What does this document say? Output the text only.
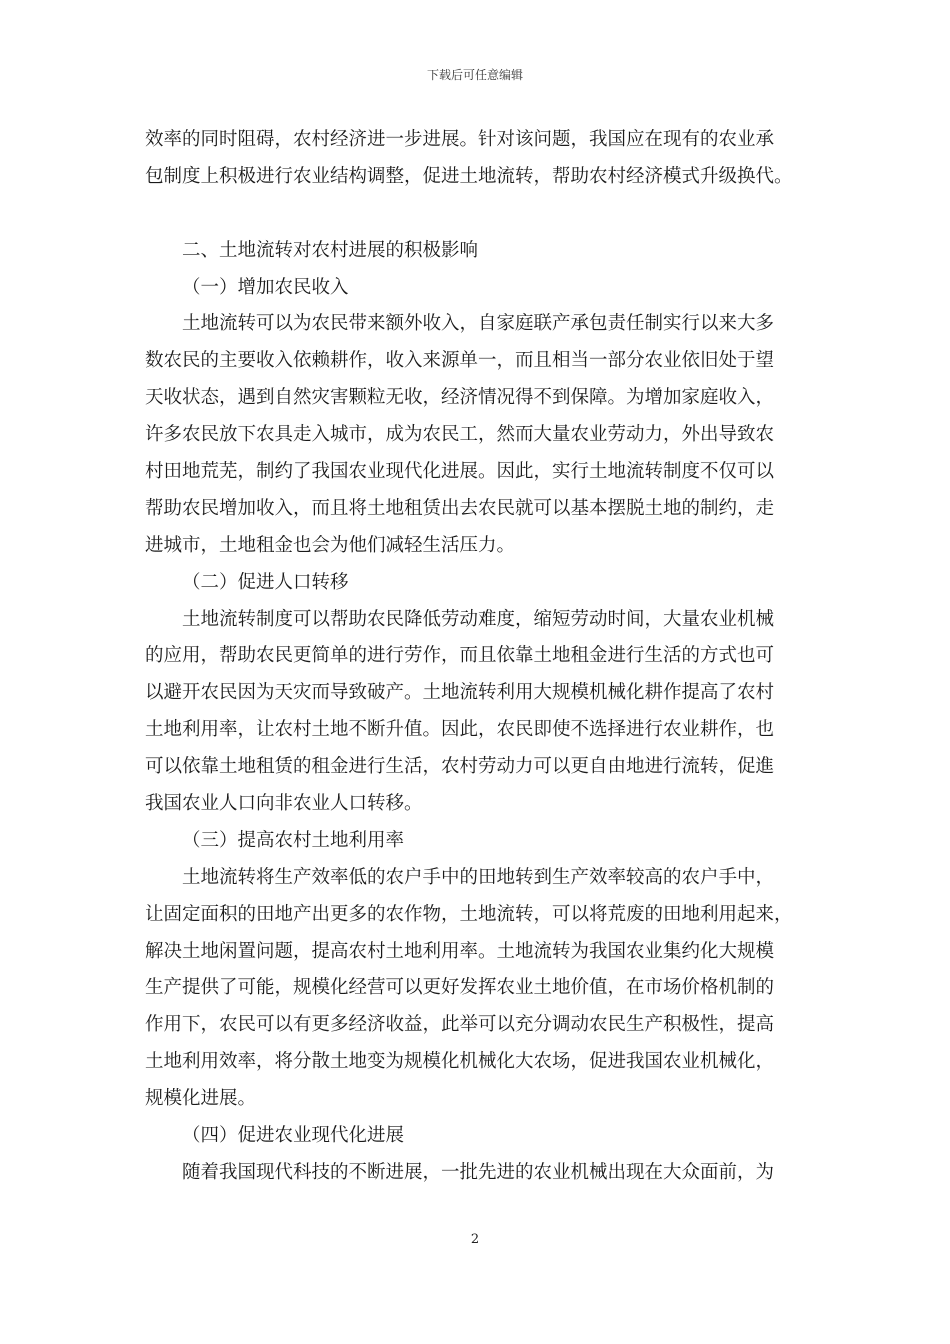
下载后可任意编辑
效率的同时阻碍，农村经济进一步进展。针对该问题，我国应在现有的农业承
包制度上积极进行农业结构调整，促进土地流转，帮助农村经济模式升级换代。
二、土地流转对农村进展的积极影响
（一）增加农民收入
土地流转可以为农民带来额外收入，自家庭联产承包责任制实行以来大多
数农民的主要收入依赖耕作，收入来源单一，而且相当一部分农业依旧处于望
天收状态，遇到自然灾害颗粒无收，经济情况得不到保障。为增加家庭收入，
许多农民放下农具走入城市，成为农民工，然而大量农业劳动力，外出导致农
村田地荒芜，制约了我国农业现代化进展。因此，实行土地流转制度不仅可以
帮助农民增加收入，而且将土地租赁出去农民就可以基本摆脱土地的制约，走
进城市，土地租金也会为他们减轻生活压力。
（二）促进人口转移
土地流转制度可以帮助农民降低劳动难度，缩短劳动时间，大量农业机械
的应用，帮助农民更简单的进行劳作，而且依靠土地租金进行生活的方式也可
以避开农民因为天灾而导致破产。土地流转利用大规模机械化耕作提高了农村
土地利用率，让农村土地不断升值。因此，农民即使不选择进行农业耕作，也
可以依靠土地租赁的租金进行生活，农村劳动力可以更自由地进行流转，促進
我国农业人口向非农业人口转移。
（三）提高农村土地利用率
土地流转将生产效率低的农户手中的田地转到生产效率较高的农户手中，
让固定面积的田地产出更多的农作物，土地流转，可以将荒废的田地利用起来，
解决土地闲置问题，提高农村土地利用率。土地流转为我国农业集约化大规模
生产提供了可能，规模化经营可以更好发挥农业土地价值，在市场价格机制的
作用下，农民可以有更多经济收益，此举可以充分调动农民生产积极性，提高
土地利用效率，将分散土地变为规模化机械化大农场，促进我国农业机械化，
规模化进展。
（四）促进农业现代化进展
随着我国现代科技的不断进展，一批先进的农业机械出现在大众面前，为
2
